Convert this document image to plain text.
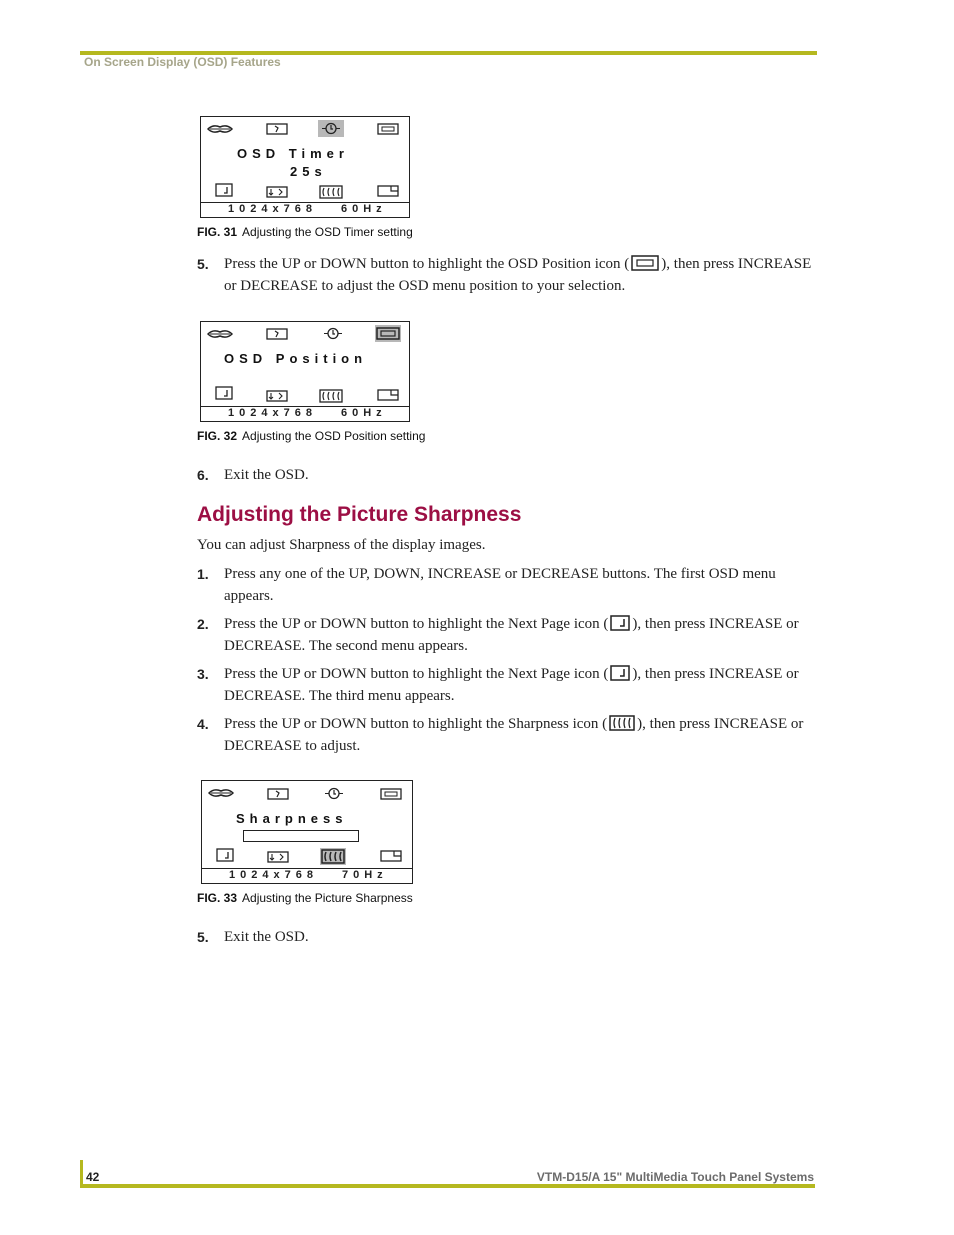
On Screen Display (OSD) Features
OSD Timer
25s
1024x768 60Hz
FIG. 31 Adjusting the OSD Timer setting
5. Press the UP or DOWN button to highlight the OSD Position icon ( ), then press INCREASE or DECREASE to adjust the OSD menu position to your selection.
OSD Position
1024x768 60Hz
FIG. 32 Adjusting the OSD Position setting
6. Exit the OSD.
Adjusting the Picture Sharpness
You can adjust Sharpness of the display images.
1. Press any one of the UP, DOWN, INCREASE or DECREASE buttons. The first OSD menu appears.
2. Press the UP or DOWN button to highlight the Next Page icon ( ), then press INCREASE or DECREASE. The second menu appears.
3. Press the UP or DOWN button to highlight the Next Page icon ( ), then press INCREASE or DECREASE. The third menu appears.
4. Press the UP or DOWN button to highlight the Sharpness icon ( ), then press INCREASE or DECREASE to adjust.
Sharpness
1024x768 70Hz
FIG. 33 Adjusting the Picture Sharpness
5. Exit the OSD.
42	VTM-D15/A 15" MultiMedia Touch Panel Systems
